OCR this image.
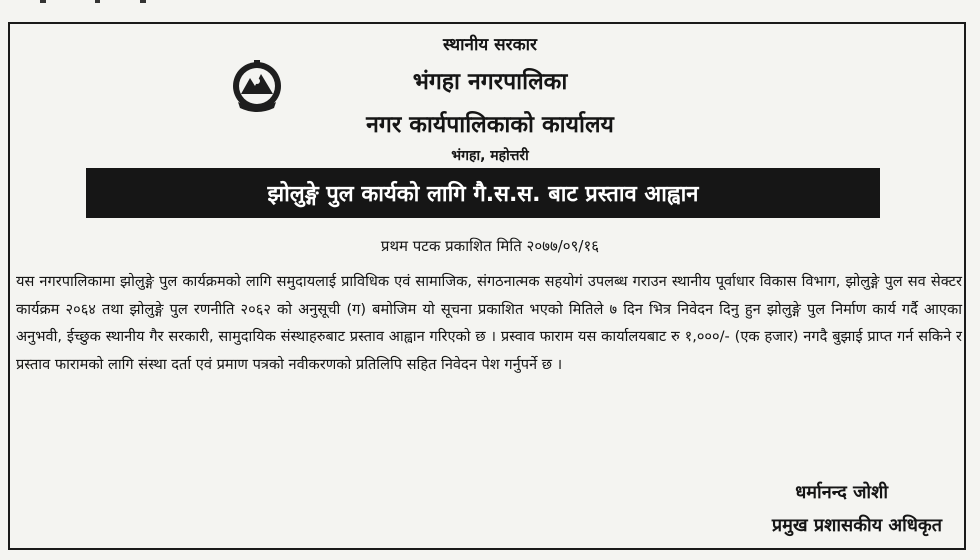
स्थानीय सरकार
भंगहा नगरपालिका
नगर कार्यपालिकाको कार्यालय
भंगहा, महोत्तरी
झोलुङ्गे पुल कार्यको लागि गै.स.स. बाट प्रस्ताव आह्वान
प्रथम पटक प्रकाशित मिति २०७७/०९/१६

यस नगरपालिकामा झोलुङ्गे पुल कार्यक्रमको लागि समुदायलाई प्राविधिक एवं सामाजिक, संगठनात्मक सहयोगं उपलब्ध गराउन स्थानीय पूर्वाधार विकास विभाग, झोलुङ्गे पुल सव सेक्टर कार्यक्रम २०६४ तथा झोलुङ्गे पुल रणनीति २०६२ को अनुसूची (ग) बमोजिम यो सूचना प्रकाशित भएको मितिले ७ दिन भित्र निवेदन दिनु हुन झोलुङ्गे पुल निर्माण कार्य गर्दै आएका अनुभवी, ईच्छुक स्थानीय गैर सरकारी, सामुदायिक संस्थाहरुबाट प्रस्ताव आह्वान गरिएको छ । प्रस्वाव फाराम यस कार्यालयबाट रु १,०००/- (एक हजार) नगदै बुझाई प्राप्त गर्न सकिने र प्रस्ताव फारामको लागि संस्था दर्ता एवं प्रमाण पत्रको नवीकरणको प्रतिलिपि सहित निवेदन पेश गर्नुपर्ने छ ।

धर्मानन्द जोशी
प्रमुख प्रशासकीय अधिकृत
